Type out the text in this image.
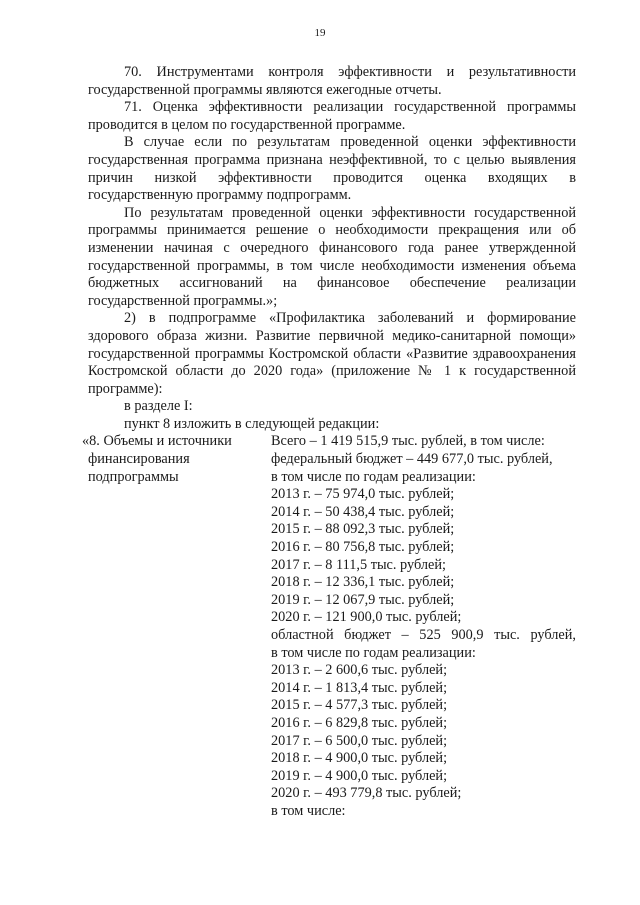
19

70. Инструментами контроля эффективности и результативности государственной программы являются ежегодные отчеты.

71. Оценка эффективности реализации государственной программы проводится в целом по государственной программе.

В случае если по результатам проведенной оценки эффективности государственная программа признана неэффективной, то с целью выявления причин низкой эффективности проводится оценка входящих в государственную программу подпрограмм.

По результатам проведенной оценки эффективности государственной программы принимается решение о необходимости прекращения или об изменении начиная с очередного финансового года ранее утвержденной государственной программы, в том числе необходимости изменения объема бюджетных ассигнований на финансовое обеспечение реализации государственной программы.»;

2) в подпрограмме «Профилактика заболеваний и формирование здорового образа жизни. Развитие первичной медико-санитарной помощи» государственной программы Костромской области «Развитие здравоохранения Костромской области до 2020 года» (приложение № 1 к государственной программе):

в разделе I:

пункт 8 изложить в следующей редакции:

«8. Объемы и источники
финансирования
подпрограммы
Всего – 1 419 515,9 тыс. рублей, в том числе:
федеральный бюджет – 449 677,0 тыс. рублей,
в том числе по годам реализации:
2013 г. – 75 974,0 тыс. рублей;
2014 г. – 50 438,4 тыс. рублей;
2015 г. – 88 092,3 тыс. рублей;
2016 г. – 80 756,8 тыс. рублей;
2017 г. – 8 111,5 тыс. рублей;
2018 г. – 12 336,1 тыс. рублей;
2019 г. – 12 067,9 тыс. рублей;
2020 г. – 121 900,0 тыс. рублей;
областной бюджет – 525 900,9 тыс. рублей,
в том числе по годам реализации:
2013 г. – 2 600,6 тыс. рублей;
2014 г. – 1 813,4 тыс. рублей;
2015 г. – 4 577,3 тыс. рублей;
2016 г. – 6 829,8 тыс. рублей;
2017 г. – 6 500,0 тыс. рублей;
2018 г. – 4 900,0 тыс. рублей;
2019 г. – 4 900,0 тыс. рублей;
2020 г. – 493 779,8 тыс. рублей;
в том числе:
